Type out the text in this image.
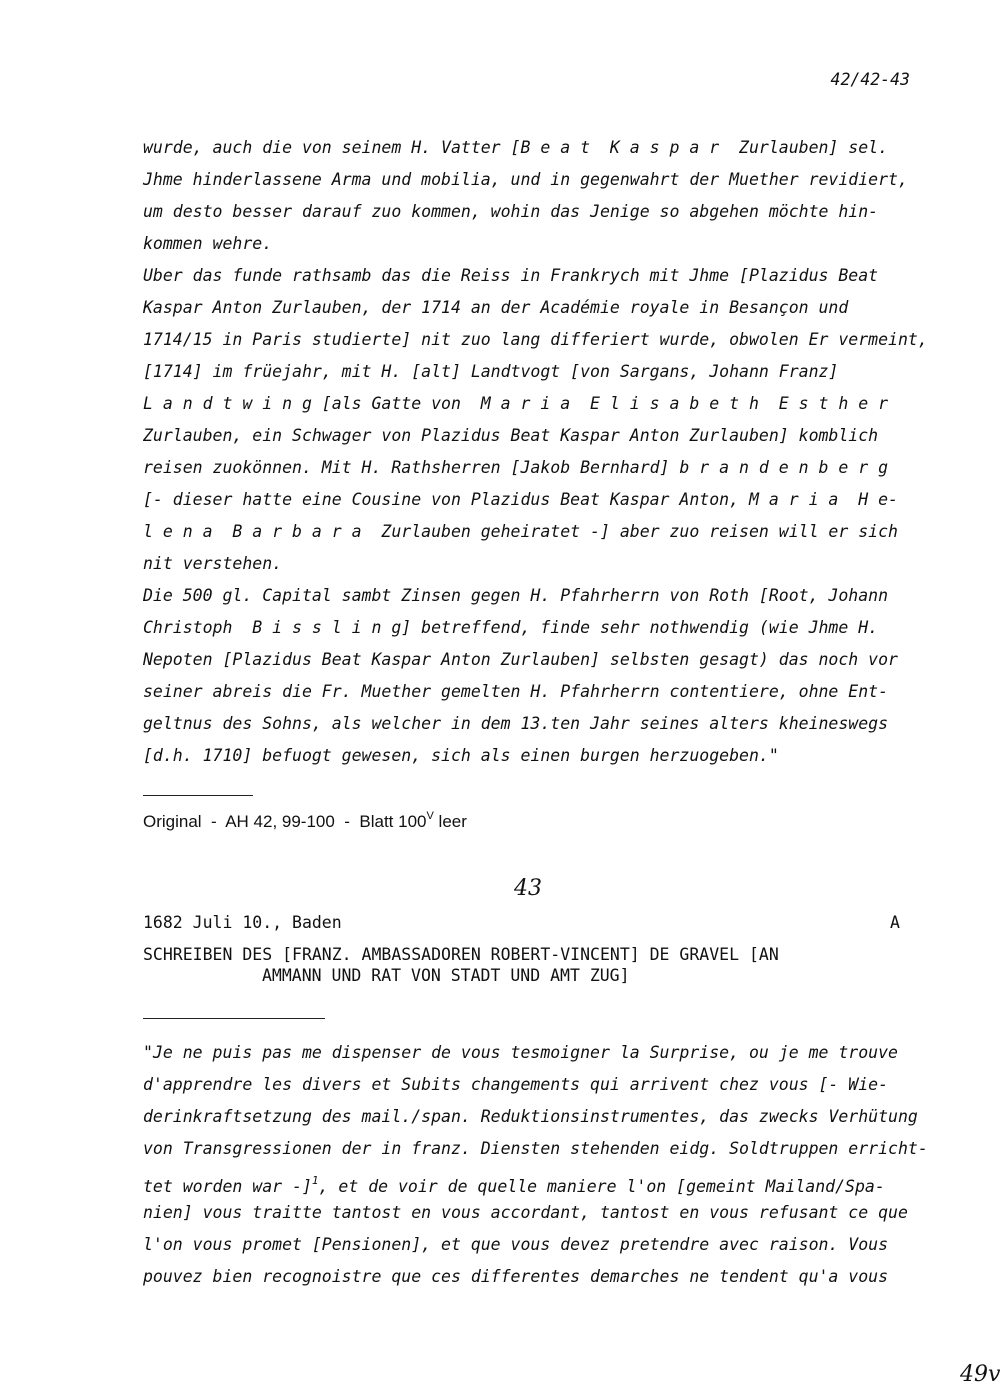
42/42-43

wurde, auch die von seinem H. Vatter [B e a t  K a s p a r  Zurlauben] sel.

Jhme hinderlassene Arma und mobilia, und in gegenwahrt der Muether revidiert,

um desto besser darauf zuo kommen, wohin das Jenige so abgehen möchte hin-

kommen wehre.

Uber das funde rathsamb das die Reiss in Frankrych mit Jhme [Plazidus Beat

Kaspar Anton Zurlauben, der 1714 an der Académie royale in Besançon und

1714/15 in Paris studierte] nit zuo lang differiert wurde, obwolen Er vermeint,

[1714] im früejahr, mit H. [alt] Landtvogt [von Sargans, Johann Franz]

L a n d t w i n g [als Gatte von  M a r i a  E l i s a b e t h  E s t h e r

Zurlauben, ein Schwager von Plazidus Beat Kaspar Anton Zurlauben] komblich

reisen zuokönnen. Mit H. Rathsherren [Jakob Bernhard] b r a n d e n b e r g

[- dieser hatte eine Cousine von Plazidus Beat Kaspar Anton, M a r i a  H e-

l e n a  B a r b a r a  Zurlauben geheiratet -] aber zuo reisen will er sich

nit verstehen.

Die 500 gl. Capital sambt Zinsen gegen H. Pfahrherrn von Roth [Root, Johann

Christoph  B i s s l i n g] betreffend, finde sehr nothwendig (wie Jhme H.

Nepoten [Plazidus Beat Kaspar Anton Zurlauben] selbsten gesagt) das noch vor

seiner abreis die Fr. Muether gemelten H. Pfahrherrn contentiere, ohne Ent-

geltnus des Sohns, als welcher in dem 13.ten Jahr seines alters kheineswegs

[d.h. 1710] befuogt gewesen, sich als einen burgen herzuogeben."

Original  -  AH 42, 99-100  -  Blatt $100^V$ leer

43

1682 Juli 10., Baden	A

SCHREIBEN DES [FRANZ. AMBASSADOREN ROBERT-VINCENT] DE GRAVEL [AN

AMMANN UND RAT VON STADT UND AMT ZUG]

"Je ne puis pas me dispenser de vous tesmoigner la Surprise, ou je me trouve

d'apprendre les divers et Subits changements qui arrivent chez vous [- Wie-

derinkraftsetzung des mail./span. Reduktionsinstrumentes, das zwecks Verhütung

von Transgressionen der in franz. Diensten stehenden eidg. Soldtruppen erricht-

tet worden war -]$^1$, et de voir de quelle maniere l'on [gemeint Mailand/Spa-

nien] vous traitte tantost en vous accordant, tantost en vous refusant ce que

l'on vous promet [Pensionen], et que vous devez pretendre avec raison. Vous

pouvez bien recognoistre que ces differentes demarches ne tendent qu'a vous

49v
